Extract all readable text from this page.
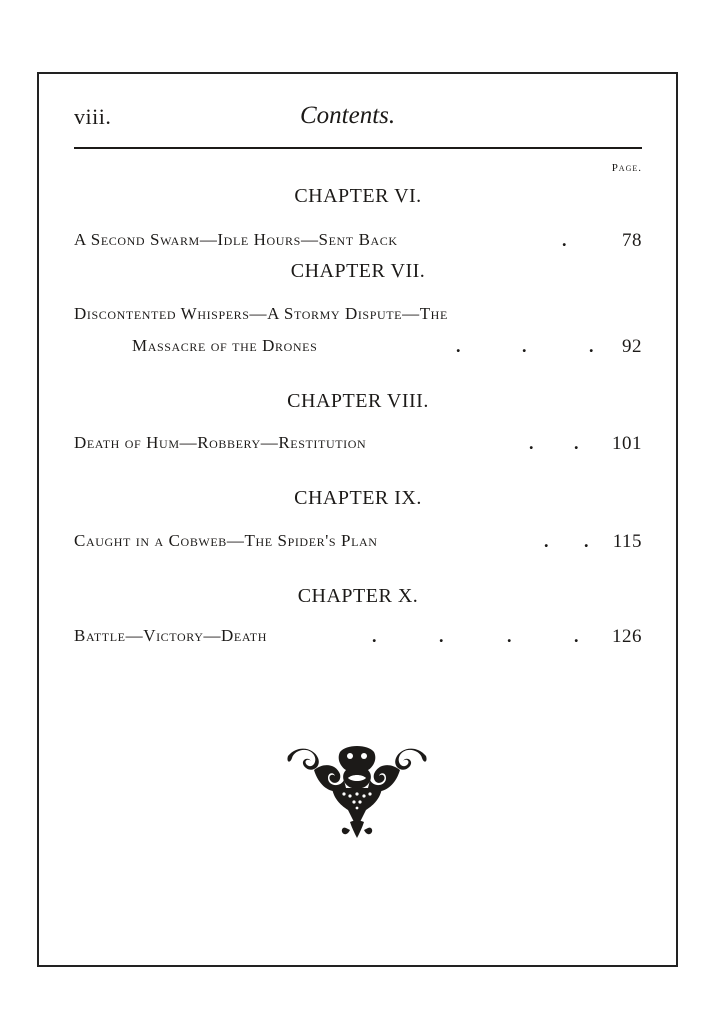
viii.	Contents.
Page.
CHAPTER VI.
A Second Swarm—Idle Hours—Sent Back	.	78
CHAPTER VII.
Discontented Whispers—A Stormy Dispute—The
Massacre of the Drones	.	.	. 92
CHAPTER VIII.
Death of Hum—Robbery—Restitution	. . 101
CHAPTER IX.
Caught in a Cobweb—The Spider's Plan	. . 115
CHAPTER X.
Battle—Victory—Death	.	.	.	. 126
